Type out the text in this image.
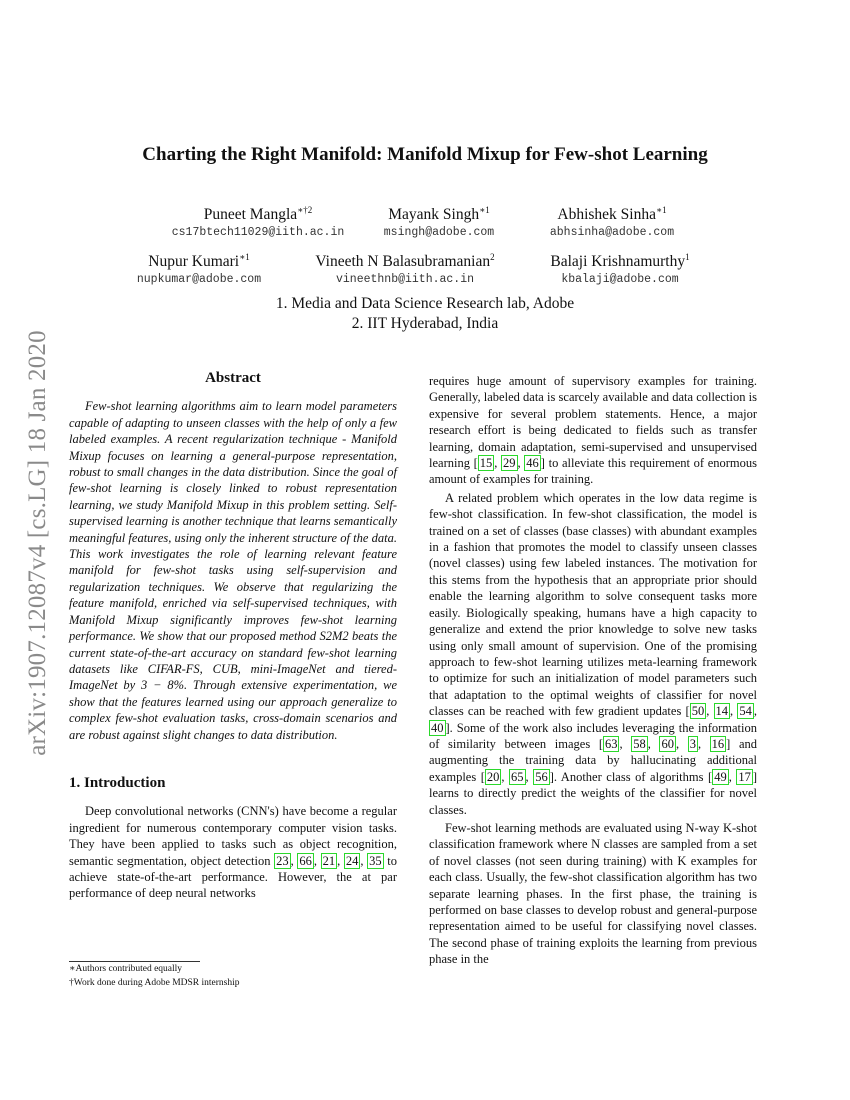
arXiv:1907.12087v4 [cs.LG] 18 Jan 2020
Charting the Right Manifold: Manifold Mixup for Few-shot Learning
Puneet Mangla$^{∗\dagger 2}$
cs17btech11029@iith.ac.in
Mayank Singh$^{∗1}$
msingh@adobe.com
Abhishek Sinha$^{∗1}$
abhsinha@adobe.com
Nupur Kumari$^{∗1}$
nupkumar@adobe.com
Vineeth N Balasubramanian$^2$
vineethnb@iith.ac.in
Balaji Krishnamurthy$^1$
kbalaji@adobe.com
1. Media and Data Science Research lab, Adobe
2. IIT Hyderabad, India
Abstract

Few-shot learning algorithms aim to learn model parameters capable of adapting to unseen classes with the help of only a few labeled examples. A recent regularization technique - Manifold Mixup focuses on learning a general-purpose representation, robust to small changes in the data distribution. Since the goal of few-shot learning is closely linked to robust representation learning, we study Manifold Mixup in this problem setting. Self-supervised learning is another technique that learns semantically meaningful features, using only the inherent structure of the data. This work investigates the role of learning relevant feature manifold for few-shot tasks using self-supervision and regularization techniques. We observe that regularizing the feature manifold, enriched via self-supervised techniques, with Manifold Mixup significantly improves few-shot learning performance. We show that our proposed method S2M2 beats the current state-of-the-art accuracy on standard few-shot learning datasets like CIFAR-FS, CUB, mini-ImageNet and tiered-ImageNet by 3 − 8%. Through extensive experimentation, we show that the features learned using our approach generalize to complex few-shot evaluation tasks, cross-domain scenarios and are robust against slight changes to data distribution.

1. Introduction

Deep convolutional networks (CNN's) have become a regular ingredient for numerous contemporary computer vision tasks. They have been applied to tasks such as object recognition, semantic segmentation, object detection 23 , 66 , 21 , 24 , 35 to achieve state-of-the-art performance. However, the at par performance of deep neural networks

∗Authors contributed equally
†Work done during Adobe MDSR internship

requires huge amount of supervisory examples for training. Generally, labeled data is scarcely available and data collection is expensive for several problem statements. Hence, a major research effort is being dedicated to fields such as transfer learning, domain adaptation, semi-supervised and unsupervised learning [ 15 , 29 , 46 ] to alleviate this requirement of enormous amount of examples for training.

A related problem which operates in the low data regime is few-shot classification. In few-shot classification, the model is trained on a set of classes (base classes) with abundant examples in a fashion that promotes the model to classify unseen classes (novel classes) using few labeled instances. The motivation for this stems from the hypothesis that an appropriate prior should enable the learning algorithm to solve consequent tasks more easily. Biologically speaking, humans have a high capacity to generalize and extend the prior knowledge to solve new tasks using only small amount of supervision. One of the promising approach to few-shot learning utilizes meta-learning framework to optimize for such an initialization of model parameters such that adaptation to the optimal weights of classifier for novel classes can be reached with few gradient updates [ 50 , 14 , 54 , 40 ]. Some of the work also includes leveraging the information of similarity between images [ 63 , 58 , 60 , 3 , 16 ] and augmenting the training data by hallucinating additional examples [ 20 , 65 , 56 ]. Another class of algorithms [ 49 , 17 ] learns to directly predict the weights of the classifier for novel classes.

Few-shot learning methods are evaluated using N-way K-shot classification framework where N classes are sampled from a set of novel classes (not seen during training) with K examples for each class. Usually, the few-shot classification algorithm has two separate learning phases. In the first phase, the training is performed on base classes to develop robust and general-purpose representation aimed to be useful for classifying novel classes. The second phase of training exploits the learning from previous phase in the
